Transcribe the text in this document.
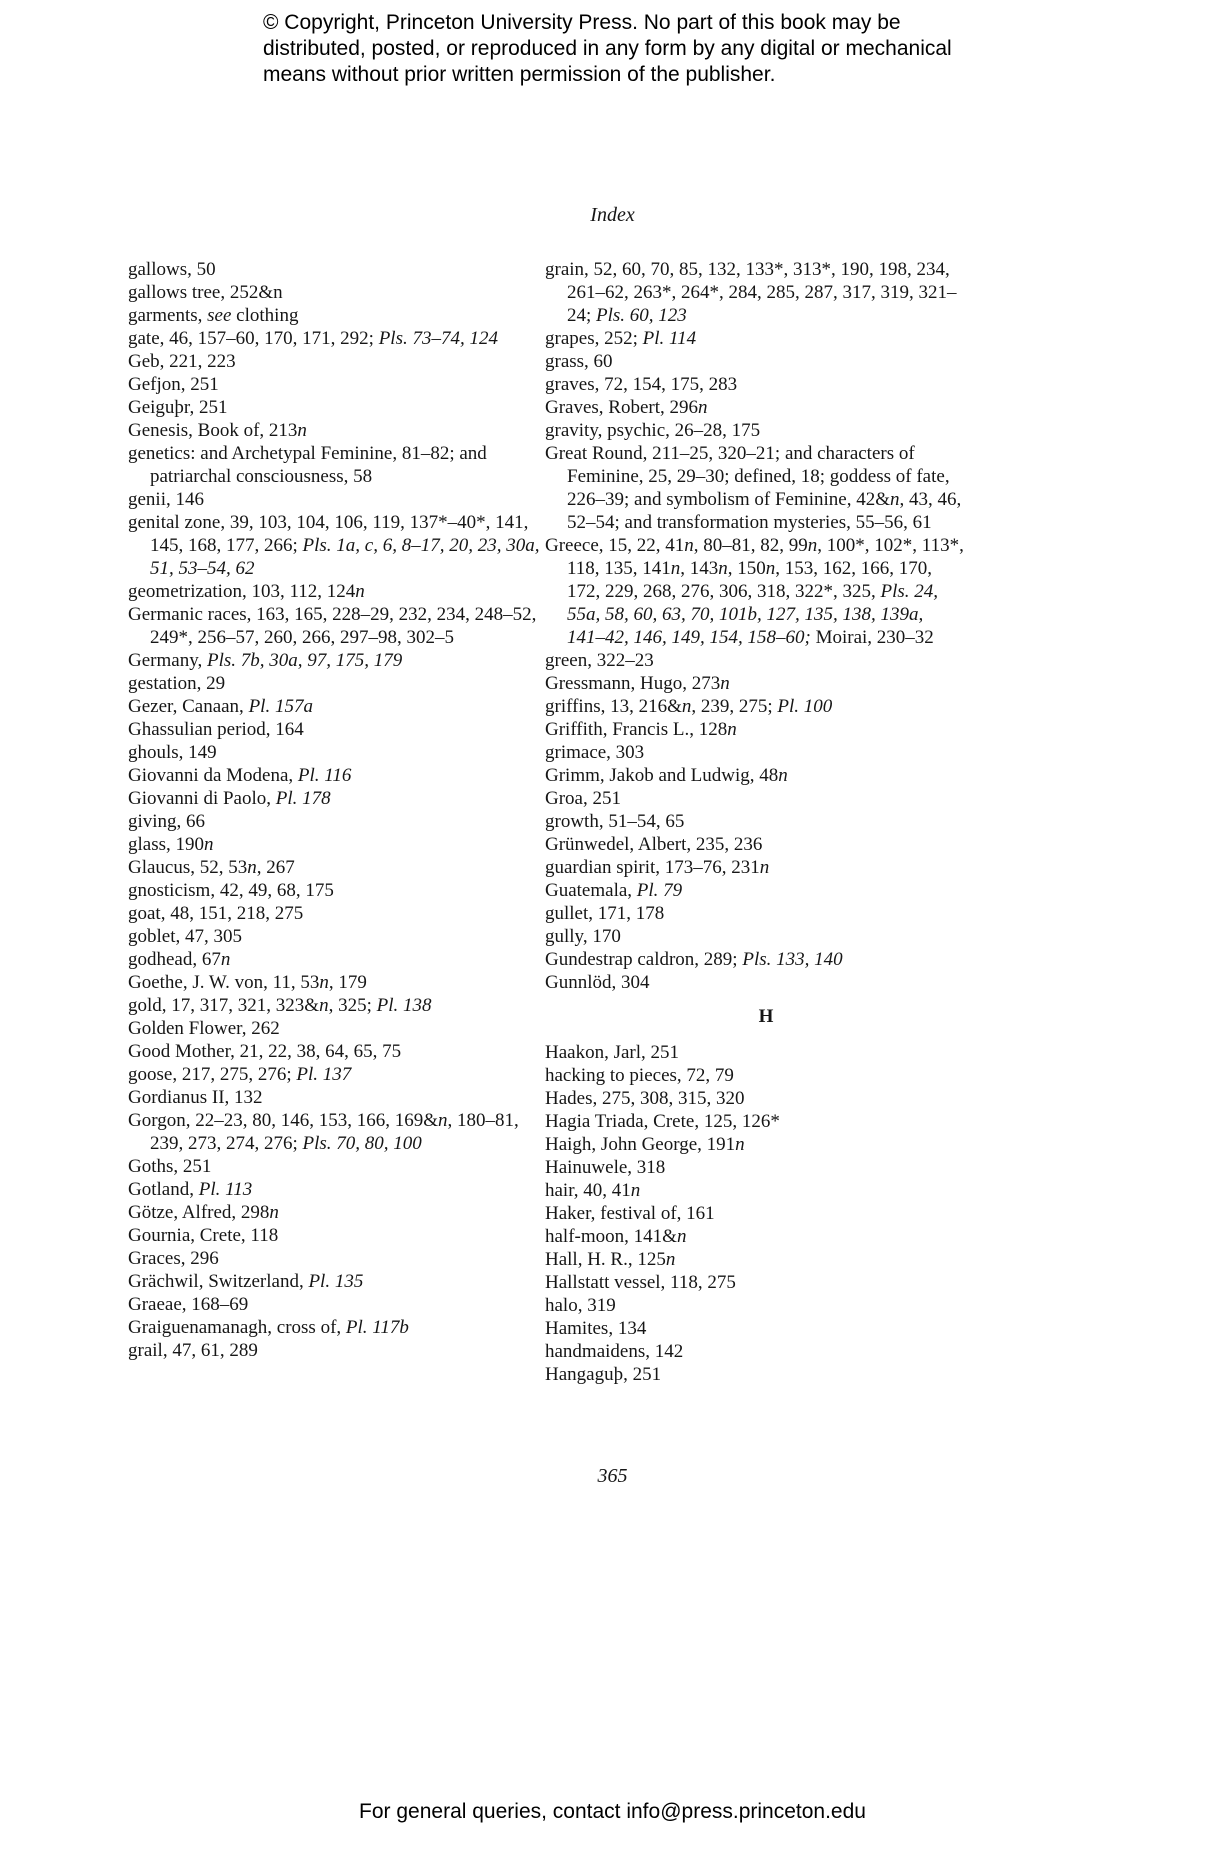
© Copyright, Princeton University Press. No part of this book may be

distributed, posted, or reproduced in any form by any digital or mechanical

means without prior written permission of the publisher.

Index
gallows, 50
gallows tree, 252&n
garments, see clothing
gate, 46, 157–60, 170, 171, 292; Pls. 73–74, 124
Geb, 221, 223
Gefjon, 251
Geiguþr, 251
Genesis, Book of, 213n
genetics: and Archetypal Feminine, 81–82; and patriarchal consciousness, 58
genii, 146
genital zone, 39, 103, 104, 106, 119, 137*–40*, 141, 145, 168, 177, 266; Pls. 1a, c, 6, 8–17, 20, 23, 30a, 51, 53–54, 62
geometrization, 103, 112, 124n
Germanic races, 163, 165, 228–29, 232, 234, 248–52, 249*, 256–57, 260, 266, 297–98, 302–5
Germany, Pls. 7b, 30a, 97, 175, 179
gestation, 29
Gezer, Canaan, Pl. 157a
Ghassulian period, 164
ghouls, 149
Giovanni da Modena, Pl. 116
Giovanni di Paolo, Pl. 178
giving, 66
glass, 190n
Glaucus, 52, 53n, 267
gnosticism, 42, 49, 68, 175
goat, 48, 151, 218, 275
goblet, 47, 305
godhead, 67n
Goethe, J. W. von, 11, 53n, 179
gold, 17, 317, 321, 323&n, 325; Pl. 138
Golden Flower, 262
Good Mother, 21, 22, 38, 64, 65, 75
goose, 217, 275, 276; Pl. 137
Gordianus II, 132
Gorgon, 22–23, 80, 146, 153, 166, 169&n, 180–81, 239, 273, 274, 276; Pls. 70, 80, 100
Goths, 251
Gotland, Pl. 113
Götze, Alfred, 298n
Gournia, Crete, 118
Graces, 296
Grächwil, Switzerland, Pl. 135
Graeae, 168–69
Graiguenamanagh, cross of, Pl. 117b
grail, 47, 61, 289
grain, 52, 60, 70, 85, 132, 133*, 313*, 190, 198, 234, 261–62, 263*, 264*, 284, 285, 287, 317, 319, 321–24; Pls. 60, 123
grapes, 252; Pl. 114
grass, 60
graves, 72, 154, 175, 283
Graves, Robert, 296n
gravity, psychic, 26–28, 175
Great Round, 211–25, 320–21; and characters of Feminine, 25, 29–30; defined, 18; goddess of fate, 226–39; and symbolism of Feminine, 42&n, 43, 46, 52–54; and transformation mysteries, 55–56, 61
Greece, 15, 22, 41n, 80–81, 82, 99n, 100*, 102*, 113*, 118, 135, 141n, 143n, 150n, 153, 162, 166, 170, 172, 229, 268, 276, 306, 318, 322*, 325, Pls. 24, 55a, 58, 60, 63, 70, 101b, 127, 135, 138, 139a, 141–42, 146, 149, 154, 158–60; Moirai, 230–32
green, 322–23
Gressmann, Hugo, 273n
griffins, 13, 216&n, 239, 275; Pl. 100
Griffith, Francis L., 128n
grimace, 303
Grimm, Jakob and Ludwig, 48n
Groa, 251
growth, 51–54, 65
Grünwedel, Albert, 235, 236
guardian spirit, 173–76, 231n
Guatemala, Pl. 79
gullet, 171, 178
gully, 170
Gundestrap caldron, 289; Pls. 133, 140
Gunnlöd, 304
H
Haakon, Jarl, 251
hacking to pieces, 72, 79
Hades, 275, 308, 315, 320
Hagia Triada, Crete, 125, 126*
Haigh, John George, 191n
Hainuwele, 318
hair, 40, 41n
Haker, festival of, 161
half-moon, 141&n
Hall, H. R., 125n
Hallstatt vessel, 118, 275
halo, 319
Hamites, 134
handmaidens, 142
Hangaguþ, 251
365
For general queries, contact info@press.princeton.edu
